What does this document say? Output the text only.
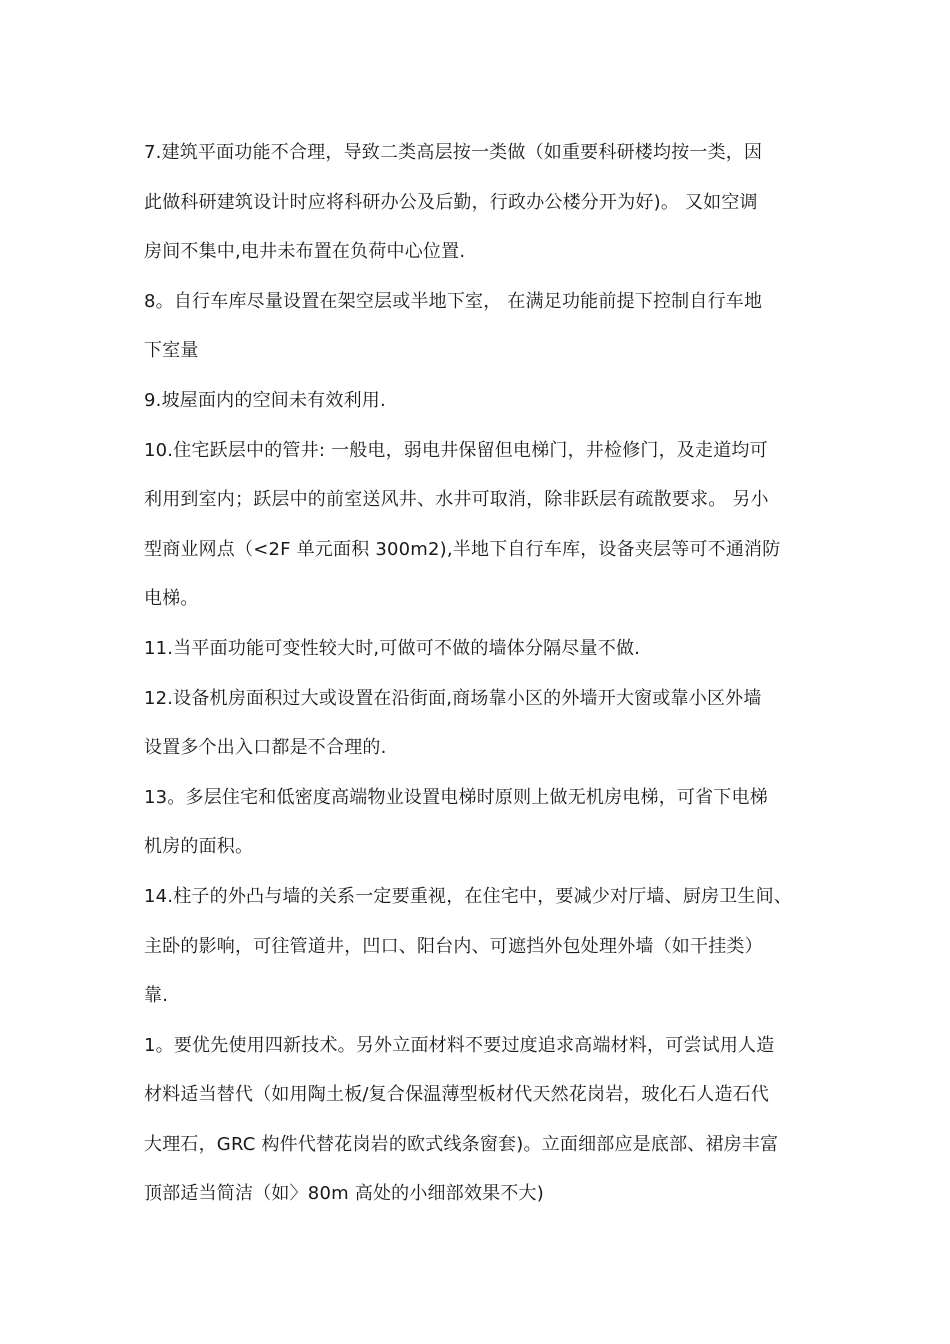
7.建筑平面功能不合理，导致二类高层按一类做（如重要科研楼均按一类，因
此做科研建筑设计时应将科研办公及后勤，行政办公楼分开为好)。 又如空调
房间不集中,电井未布置在负荷中心位置.
8。自行车库尽量设置在架空层或半地下室， 在满足功能前提下控制自行车地
下室量
9.坡屋面内的空间未有效利用.
10.住宅跃层中的管井: 一般电，弱电井保留但电梯门，井检修门，及走道均可
利用到室内；跃层中的前室送风井、水井可取消，除非跃层有疏散要求。 另小
型商业网点（<2F 单元面积 300m2),半地下自行车库，设备夹层等可不通消防
电梯。
11.当平面功能可变性较大时,可做可不做的墙体分隔尽量不做.
12.设备机房面积过大或设置在沿街面,商场靠小区的外墙开大窗或靠小区外墙
设置多个出入口都是不合理的.
13。多层住宅和低密度高端物业设置电梯时原则上做无机房电梯，可省下电梯
机房的面积。
14.柱子的外凸与墙的关系一定要重视，在住宅中，要减少对厅墙、厨房卫生间、
主卧的影响，可往管道井，凹口、阳台内、可遮挡外包处理外墙（如干挂类）
靠.
1。要优先使用四新技术。另外立面材料不要过度追求高端材料，可尝试用人造
材料适当替代（如用陶土板/复合保温薄型板材代天然花岗岩，玻化石人造石代
大理石，GRC 构件代替花岗岩的欧式线条窗套)。立面细部应是底部、裙房丰富
顶部适当简洁（如〉80m 高处的小细部效果不大)
